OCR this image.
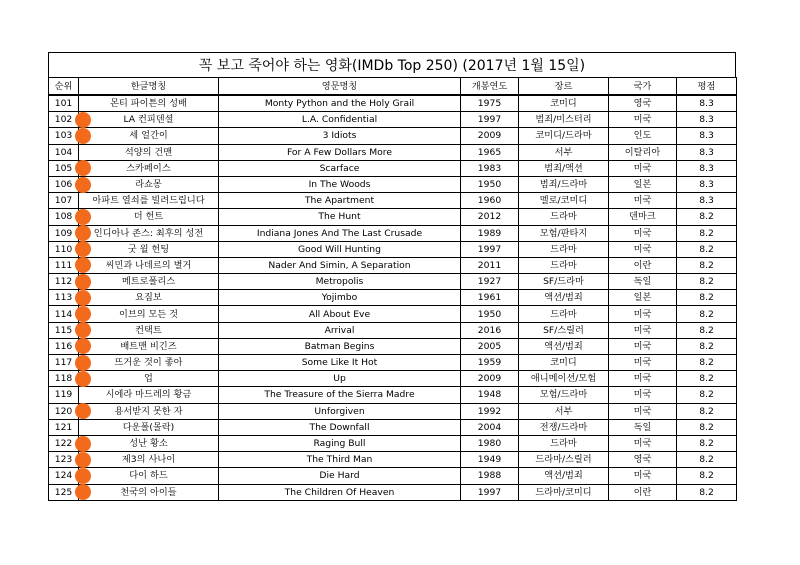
꼭 보고 죽어야 하는 영화(IMDb Top 250) (2017년 1월 15일)
순위	한글명칭	영문명칭	개봉연도	장르	국가	평점
101	몬티 파이튼의 성배	Monty Python and the Holy Grail	1975	코미디	영국	8.3
102	LA 컨피덴셜	L.A. Confidential	1997	범죄/미스터리	미국	8.3
103	세 얼간이	3 Idiots	2009	코미디/드라마	인도	8.3
104	석양의 건맨	For A Few Dollars More	1965	서부	이탈리아	8.3
105	스카페이스	Scarface	1983	범죄/액션	미국	8.3
106	라쇼몽	In The Woods	1950	범죄/드라마	일본	8.3
107	아파트 열쇠를 빌려드립니다	The Apartment	1960	멜로/코미디	미국	8.3
108	더 헌트	The Hunt	2012	드라마	덴마크	8.2
109	인디아나 존스: 최후의 성전	Indiana Jones And The Last Crusade	1989	모험/판타지	미국	8.2
110	굿 윌 헌팅	Good Will Hunting	1997	드라마	미국	8.2
111	씨민과 나데르의 별거	Nader And Simin, A Separation	2011	드라마	이란	8.2
112	메트로폴리스	Metropolis	1927	SF/드라마	독일	8.2
113	요짐보	Yojimbo	1961	액션/범죄	일본	8.2
114	이브의 모든 것	All About Eve	1950	드라마	미국	8.2
115	컨택트	Arrival	2016	SF/스릴러	미국	8.2
116	배트맨 비긴즈	Batman Begins	2005	액션/범죄	미국	8.2
117	뜨거운 것이 좋아	Some Like It Hot	1959	코미디	미국	8.2
118	업	Up	2009	애니메이션/모험	미국	8.2
119	시에라 마드레의 황금	The Treasure of the Sierra Madre	1948	모험/드라마	미국	8.2
120	용서받지 못한 자	Unforgiven	1992	서부	미국	8.2
121	다운폴(몰락)	The Downfall	2004	전쟁/드라마	독일	8.2
122	성난 황소	Raging Bull	1980	드라마	미국	8.2
123	제3의 사나이	The Third Man	1949	드라마/스릴러	영국	8.2
124	다이 하드	Die Hard	1988	액션/범죄	미국	8.2
125	천국의 아이들	The Children Of Heaven	1997	드라마/코미디	이란	8.2
